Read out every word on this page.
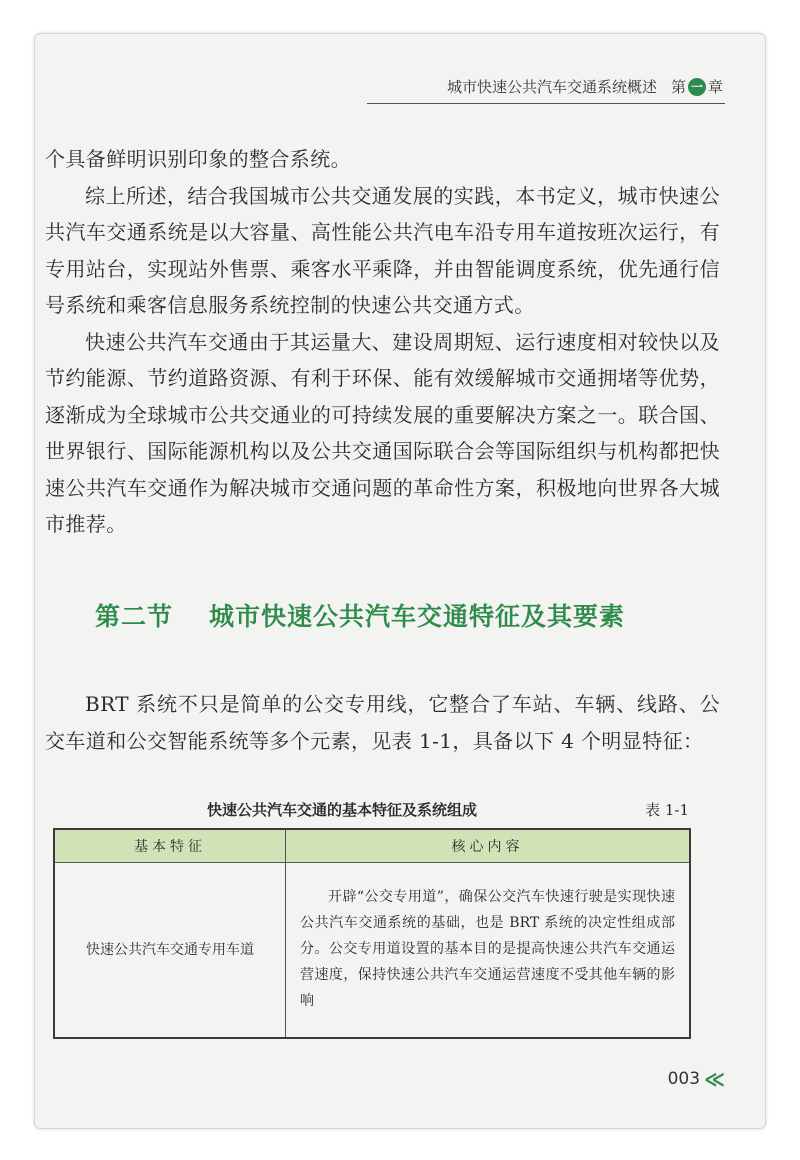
城市快速公共汽车交通系统概述 第 一 章

个具备鲜明识别印象的整合系统。

综上所述，结合我国城市公共交通发展的实践，本书定义，城市快速公共汽车交通系统是以大容量、高性能公共汽电车沿专用车道按班次运行，有专用站台，实现站外售票、乘客水平乘降，并由智能调度系统，优先通行信号系统和乘客信息服务系统控制的快速公共交通方式。

快速公共汽车交通由于其运量大、建设周期短、运行速度相对较快以及节约能源、节约道路资源、有利于环保、能有效缓解城市交通拥堵等优势，逐渐成为全球城市公共交通业的可持续发展的重要解决方案之一。联合国、世界银行、国际能源机构以及公共交通国际联合会等国际组织与机构都把快速公共汽车交通作为解决城市交通问题的革命性方案，积极地向世界各大城市推荐。

第二节 城市快速公共汽车交通特征及其要素

BRT 系统不只是简单的公交专用线，它整合了车站、车辆、线路、公交车道和公交智能系统等多个元素，见表 1-1，具备以下 4 个明显特征：

快速公共汽车交通的基本特征及系统组成	表 1-1
基本特征	核心内容
快速公共汽车交通专用车道	开辟“公交专用道”，确保公交汽车快速行驶是实现快速公共汽车交通系统的基础，也是 BRT 系统的决定性组成部分。公交专用道设置的基本目的是提高快速公共汽车交通运营速度，保持快速公共汽车交通运营速度不受其他车辆的影响
003 ≪
